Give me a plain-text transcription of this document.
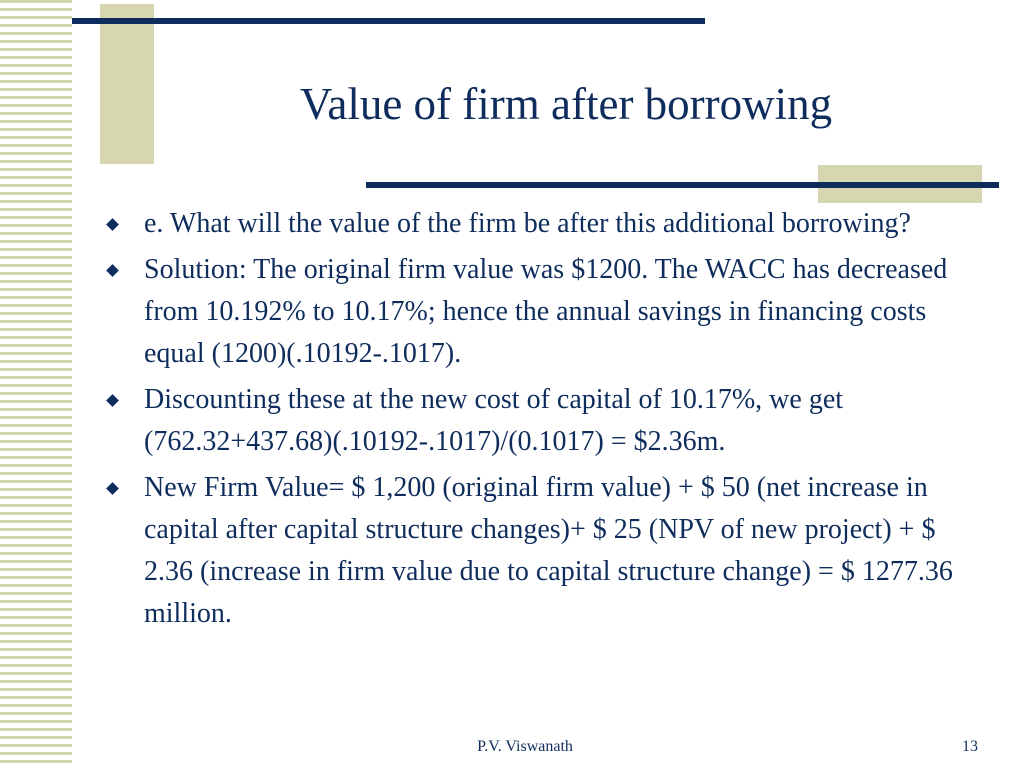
Value of firm after borrowing
e. What will the value of the firm be after this additional borrowing?
Solution: The original firm value was $1200. The WACC has decreased from 10.192% to 10.17%; hence the annual savings in financing costs equal (1200)(.10192-.1017).
Discounting these at the new cost of capital of 10.17%, we get (762.32+437.68)(.10192-.1017)/(0.1017) = $2.36m.
New Firm Value= $ 1,200 (original firm value) + $ 50 (net increase in capital after capital structure changes)+ $ 25 (NPV of new project) + $ 2.36 (increase in firm value due to capital structure change) = $ 1277.36 million.
P.V. Viswanath	13
